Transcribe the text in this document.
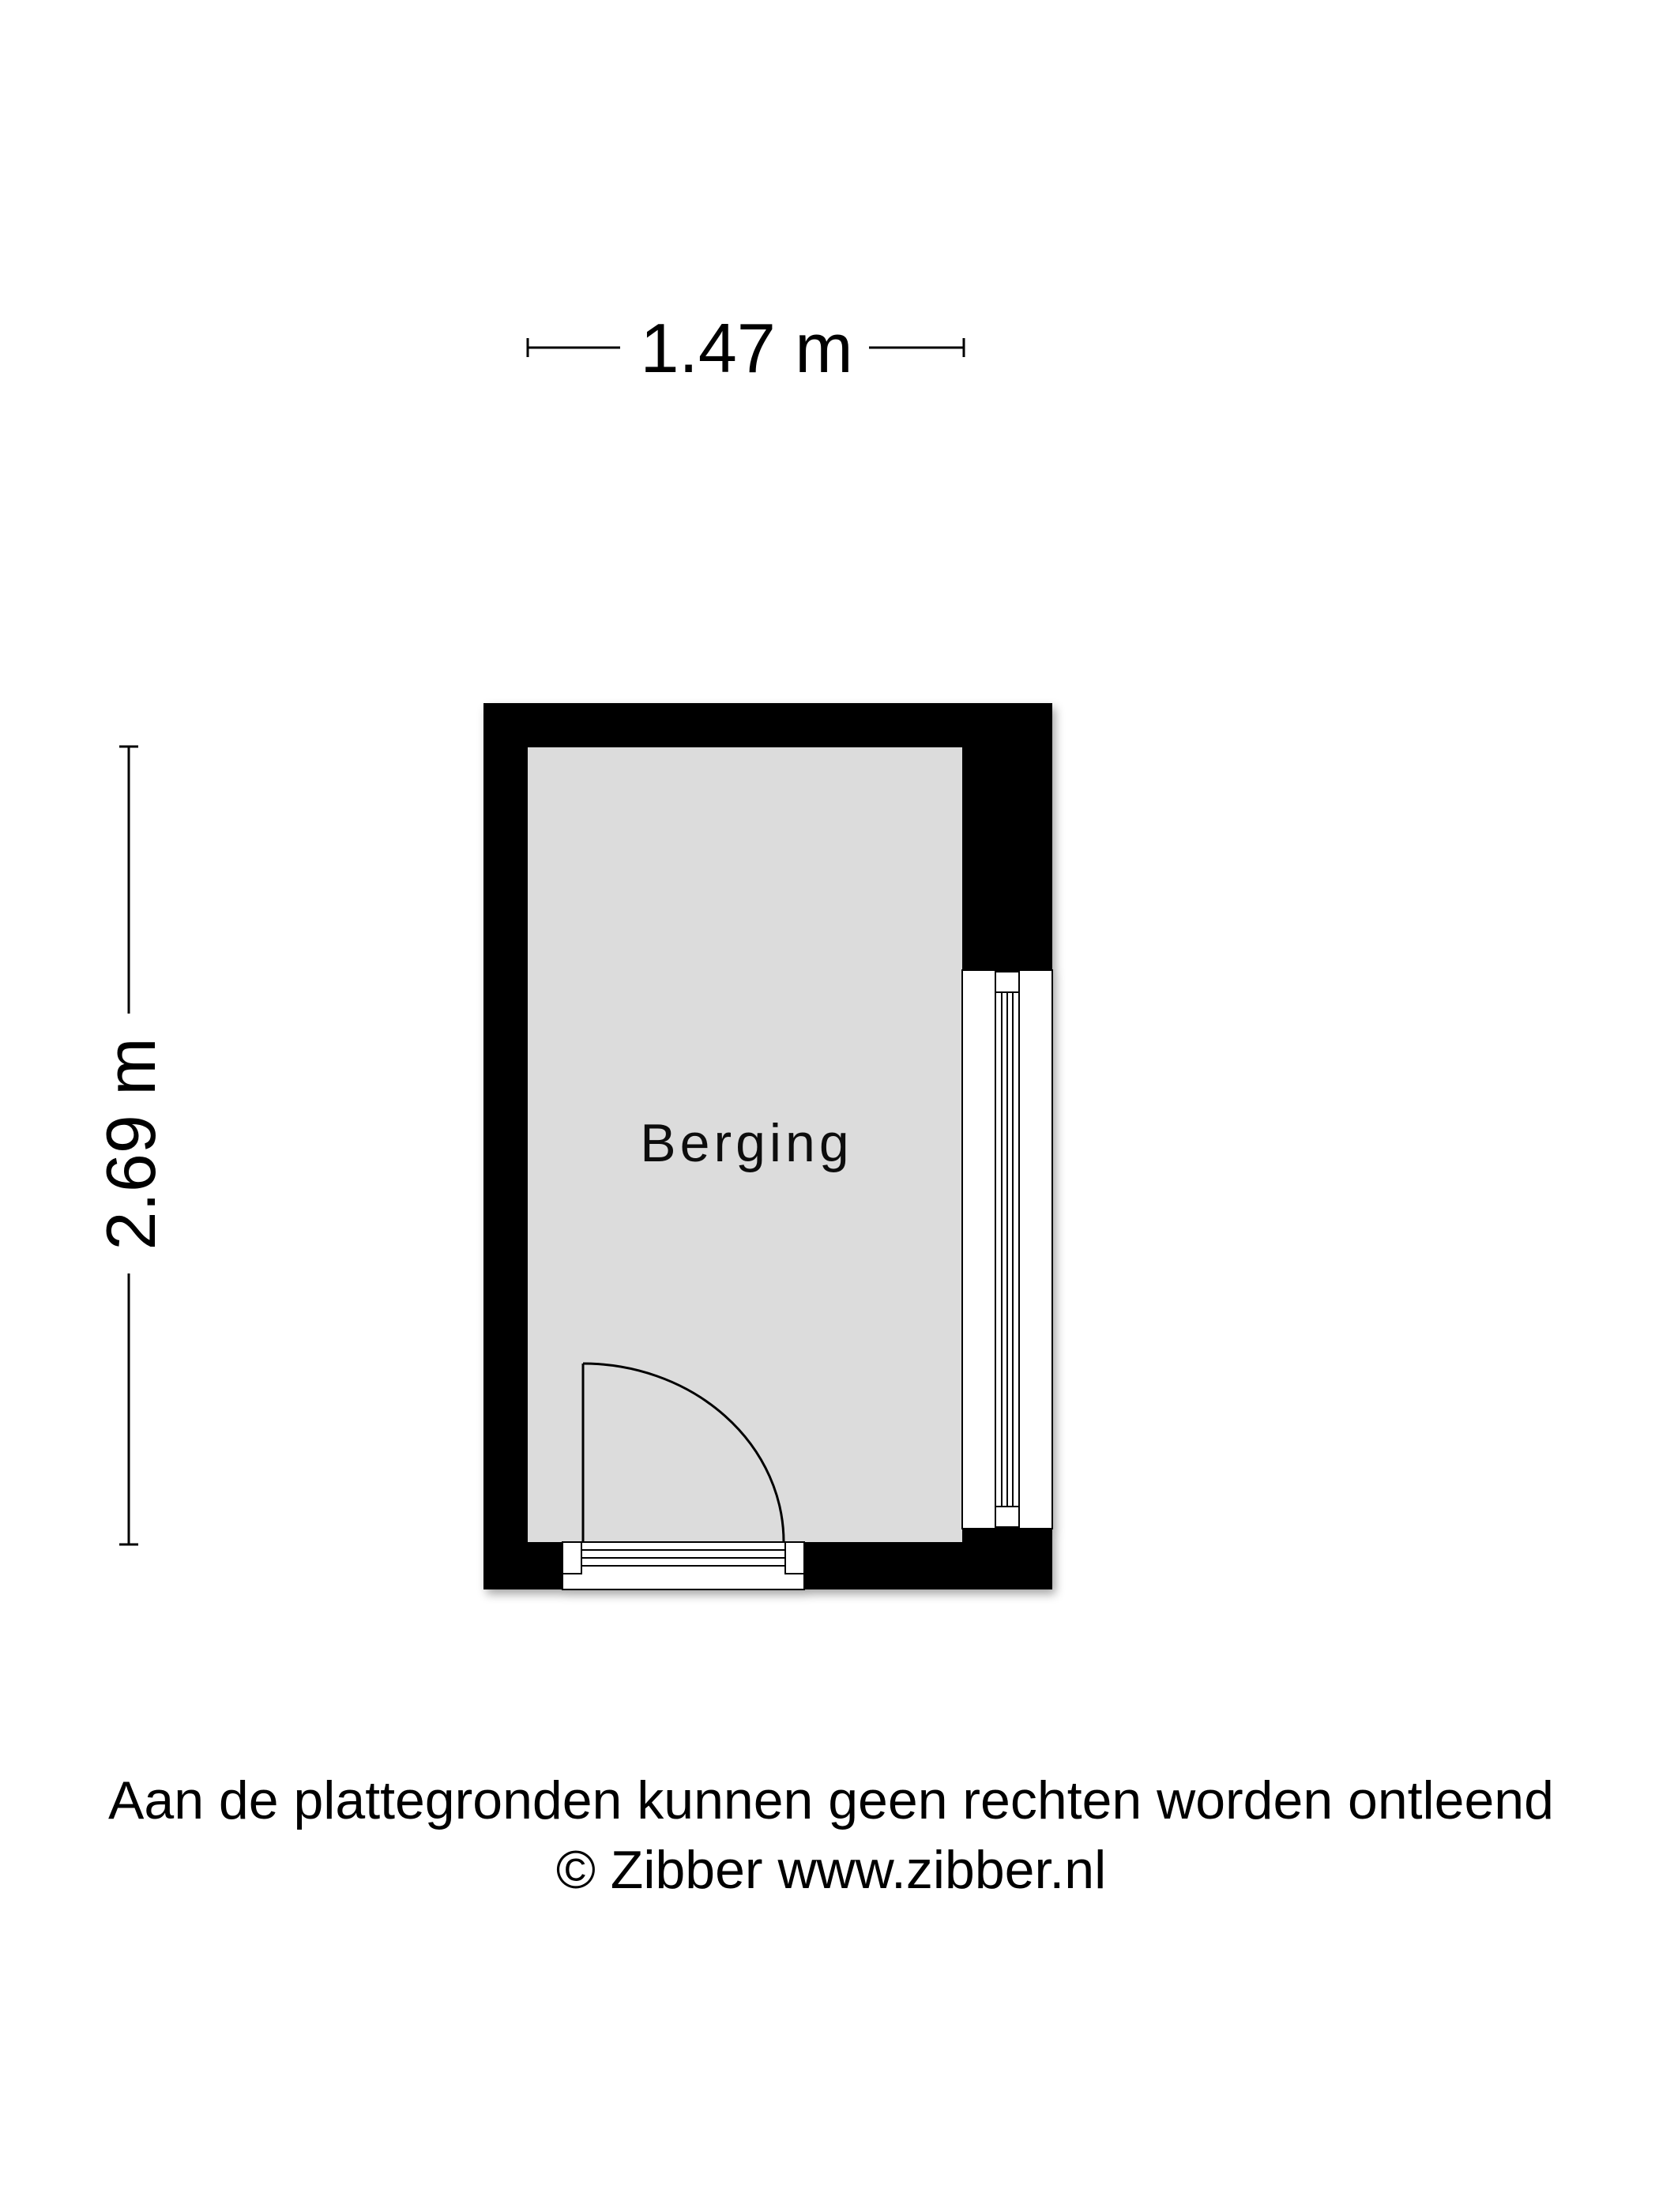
1.47 m
2.69 m	Berging
Aan de plattegronden kunnen geen rechten worden ontleend
© Zibber www.zibber.nl
